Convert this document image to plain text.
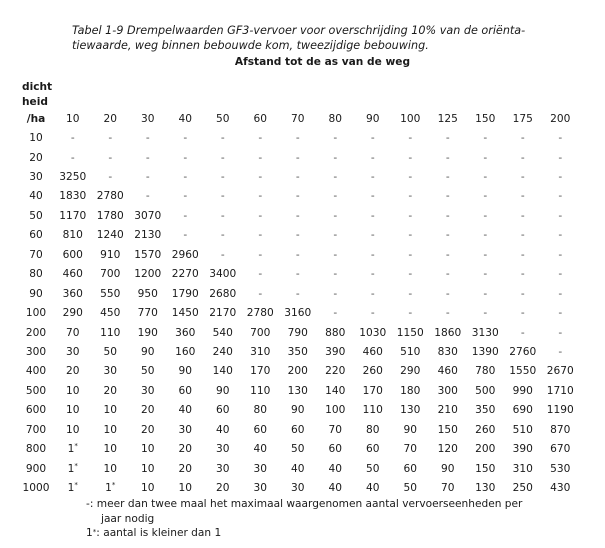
Tabel 1-9 Drempelwaarden GF3-vervoer voor overschrijding 10% van de oriënta-
tiewaarde, weg binnen bebouwde kom, tweezijdige bebouwing.
Afstand tot de as van de weg
dicht
heid
/ha	10	20	30	40	50	60	70	80	90	100	125	150	175	200
10	-	-	-	-	-	-	-	-	-	-	-	-	-	-
20	-	-	-	-	-	-	-	-	-	-	-	-	-	-
30	3250	-	-	-	-	-	-	-	-	-	-	-	-	-
40	1830	2780	-	-	-	-	-	-	-	-	-	-	-	-
50	1170	1780	3070	-	-	-	-	-	-	-	-	-	-	-
60	810	1240	2130	-	-	-	-	-	-	-	-	-	-	-
70	600	910	1570	2960	-	-	-	-	-	-	-	-	-	-
80	460	700	1200	2270	3400	-	-	-	-	-	-	-	-	-
90	360	550	950	1790	2680	-	-	-	-	-	-	-	-	-
100	290	450	770	1450	2170	2780	3160	-	-	-	-	-	-	-
200	70	110	190	360	540	700	790	880	1030	1150	1860	3130	-	-
300	30	50	90	160	240	310	350	390	460	510	830	1390	2760	-
400	20	30	50	90	140	170	200	220	260	290	460	780	1550	2670
500	10	20	30	60	90	110	130	140	170	180	300	500	990	1710
600	10	10	20	40	60	80	90	100	110	130	210	350	690	1190
700	10	10	20	30	40	60	60	70	80	90	150	260	510	870
800	1*	10	10	20	30	40	50	60	60	70	120	200	390	670
900	1*	10	10	20	30	30	40	40	50	60	90	150	310	530
1000	1*	1*	10	10	20	30	30	40	40	50	70	130	250	430
-: meer dan twee maal het maximaal waargenomen aantal vervoerseenheden per
jaar nodig
1*: aantal is kleiner dan 1
